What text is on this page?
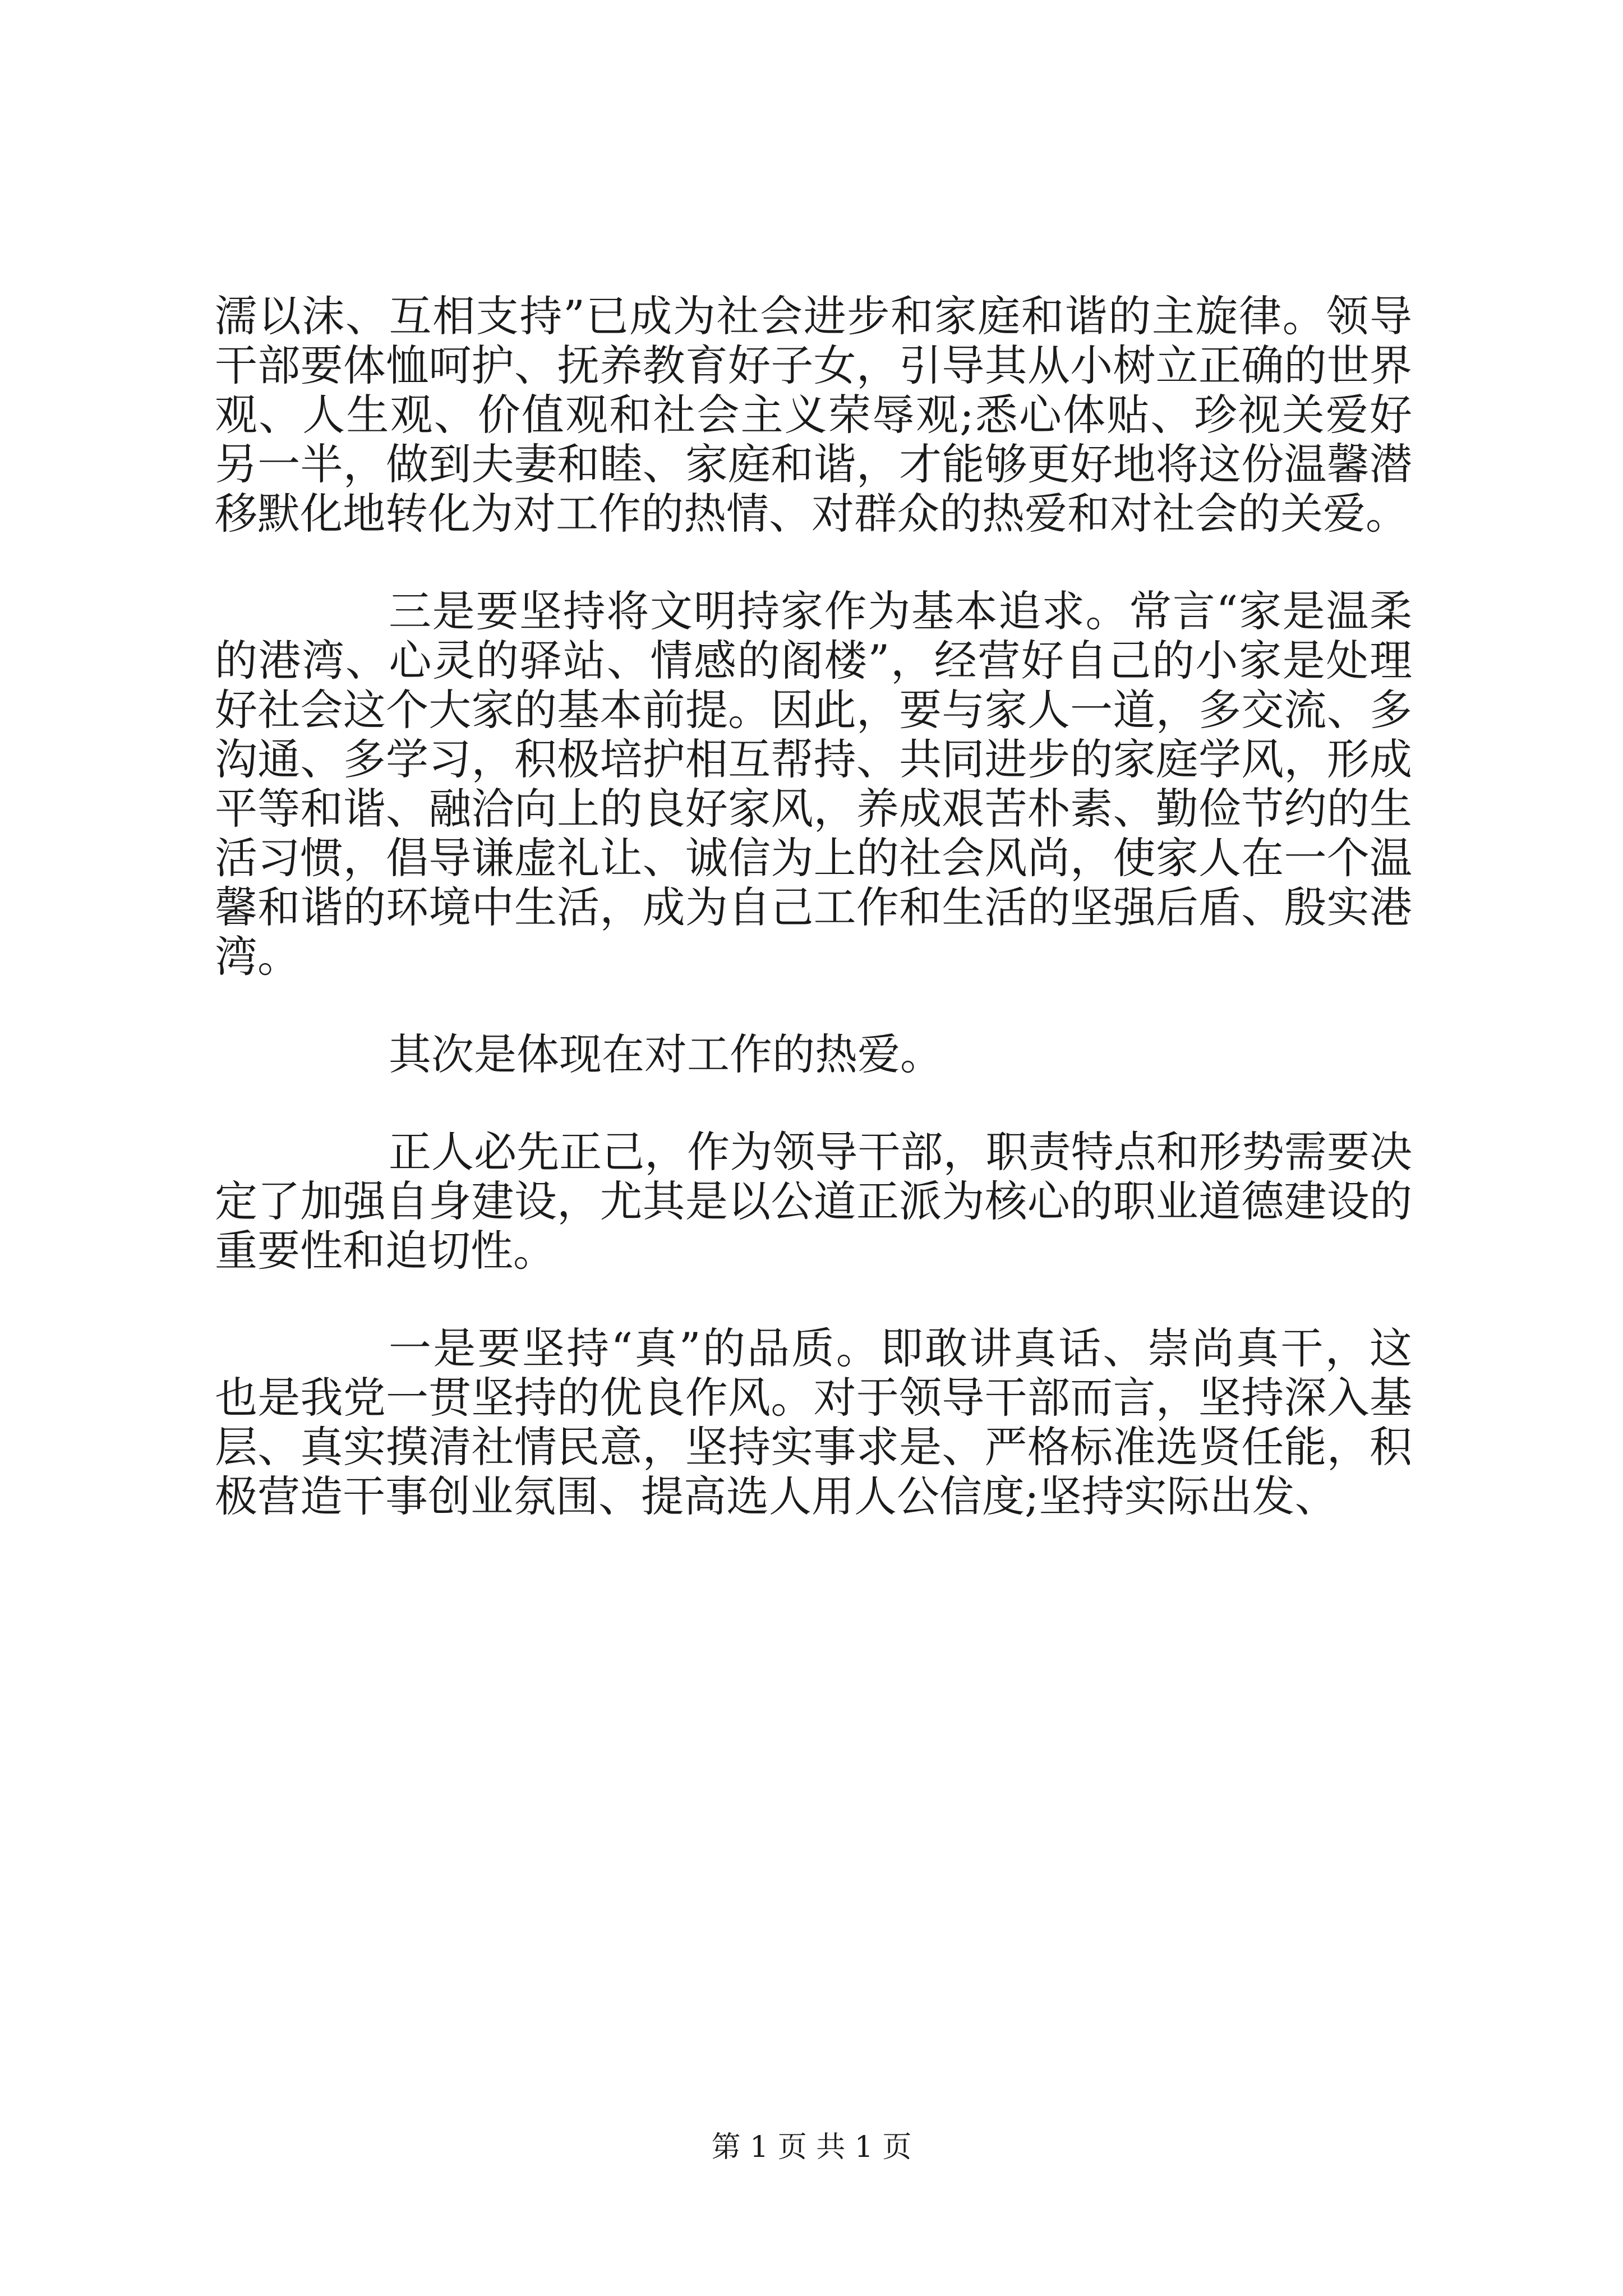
濡以沫、互相支持”已成为社会进步和家庭和谐的主旋律。领导干部要体恤呵护、抚养教育好子女，引导其从小树立正确的世界观、人生观、价值观和社会主义荣辱观;悉心体贴、珍视关爱好另一半，做到夫妻和睦、家庭和谐，才能够更好地将这份温馨潜移默化地转化为对工作的热情、对群众的热爱和对社会的关爱。

三是要坚持将文明持家作为基本追求。常言“家是温柔的港湾、心灵的驿站、情感的阁楼”，经营好自己的小家是处理好社会这个大家的基本前提。因此，要与家人一道，多交流、多沟通、多学习，积极培护相互帮持、共同进步的家庭学风，形成平等和谐、融洽向上的良好家风，养成艰苦朴素、勤俭节约的生活习惯，倡导谦虚礼让、诚信为上的社会风尚，使家人在一个温馨和谐的环境中生活，成为自己工作和生活的坚强后盾、殷实港湾。

其次是体现在对工作的热爱。

正人必先正己，作为领导干部，职责特点和形势需要决定了加强自身建设，尤其是以公道正派为核心的职业道德建设的重要性和迫切性。

一是要坚持“真”的品质。即敢讲真话、崇尚真干，这也是我党一贯坚持的优良作风。对于领导干部而言，坚持深入基层、真实摸清社情民意，坚持实事求是、严格标准选贤任能，积极营造干事创业氛围、提高选人用人公信度;坚持实际出发、

第 1 页 共 1 页
